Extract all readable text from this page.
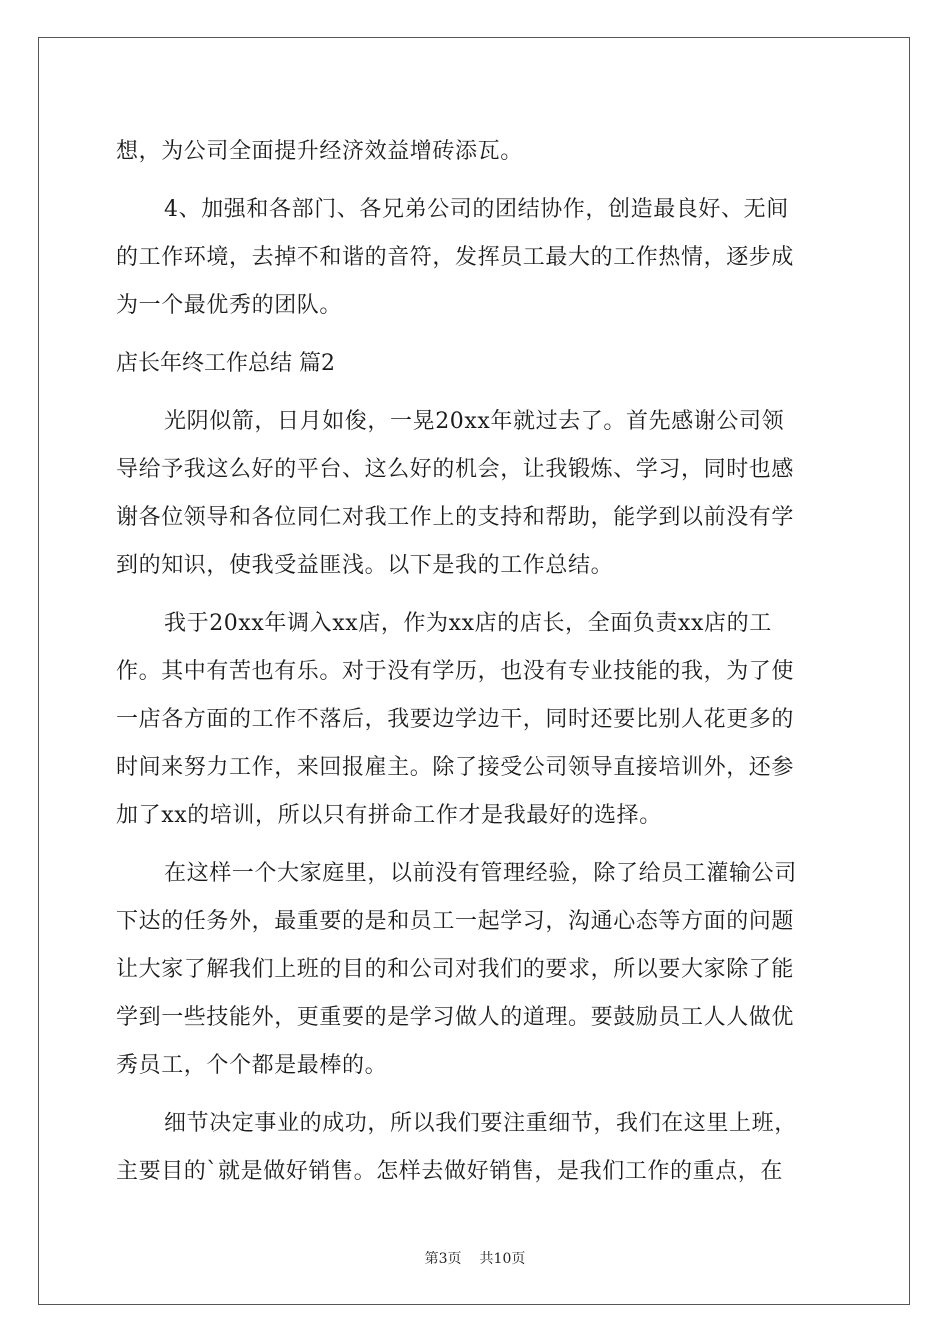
想，为公司全面提升经济效益增砖添瓦。
4、加强和各部门、各兄弟公司的团结协作，创造最良好、无间
的工作环境，去掉不和谐的音符，发挥员工最大的工作热情，逐步成
为一个最优秀的团队。
店长年终工作总结 篇2
光阴似箭，日月如俊，一晃20xx年就过去了。首先感谢公司领
导给予我这么好的平台、这么好的机会，让我锻炼、学习，同时也感
谢各位领导和各位同仁对我工作上的支持和帮助，能学到以前没有学
到的知识，使我受益匪浅。以下是我的工作总结。
我于20xx年调入xx店，作为xx店的店长，全面负责xx店的工
作。其中有苦也有乐。对于没有学历，也没有专业技能的我，为了使
一店各方面的工作不落后，我要边学边干，同时还要比别人花更多的
时间来努力工作，来回报雇主。除了接受公司领导直接培训外，还参
加了xx的培训，所以只有拼命工作才是我最好的选择。
在这样一个大家庭里，以前没有管理经验，除了给员工灌输公司
下达的任务外，最重要的是和员工一起学习，沟通心态等方面的问题
让大家了解我们上班的目的和公司对我们的要求，所以要大家除了能
学到一些技能外，更重要的是学习做人的道理。要鼓励员工人人做优
秀员工，个个都是最棒的。
细节决定事业的成功，所以我们要注重细节，我们在这里上班，
主要目的`就是做好销售。怎样去做好销售，是我们工作的重点，在
第3页 共10页
